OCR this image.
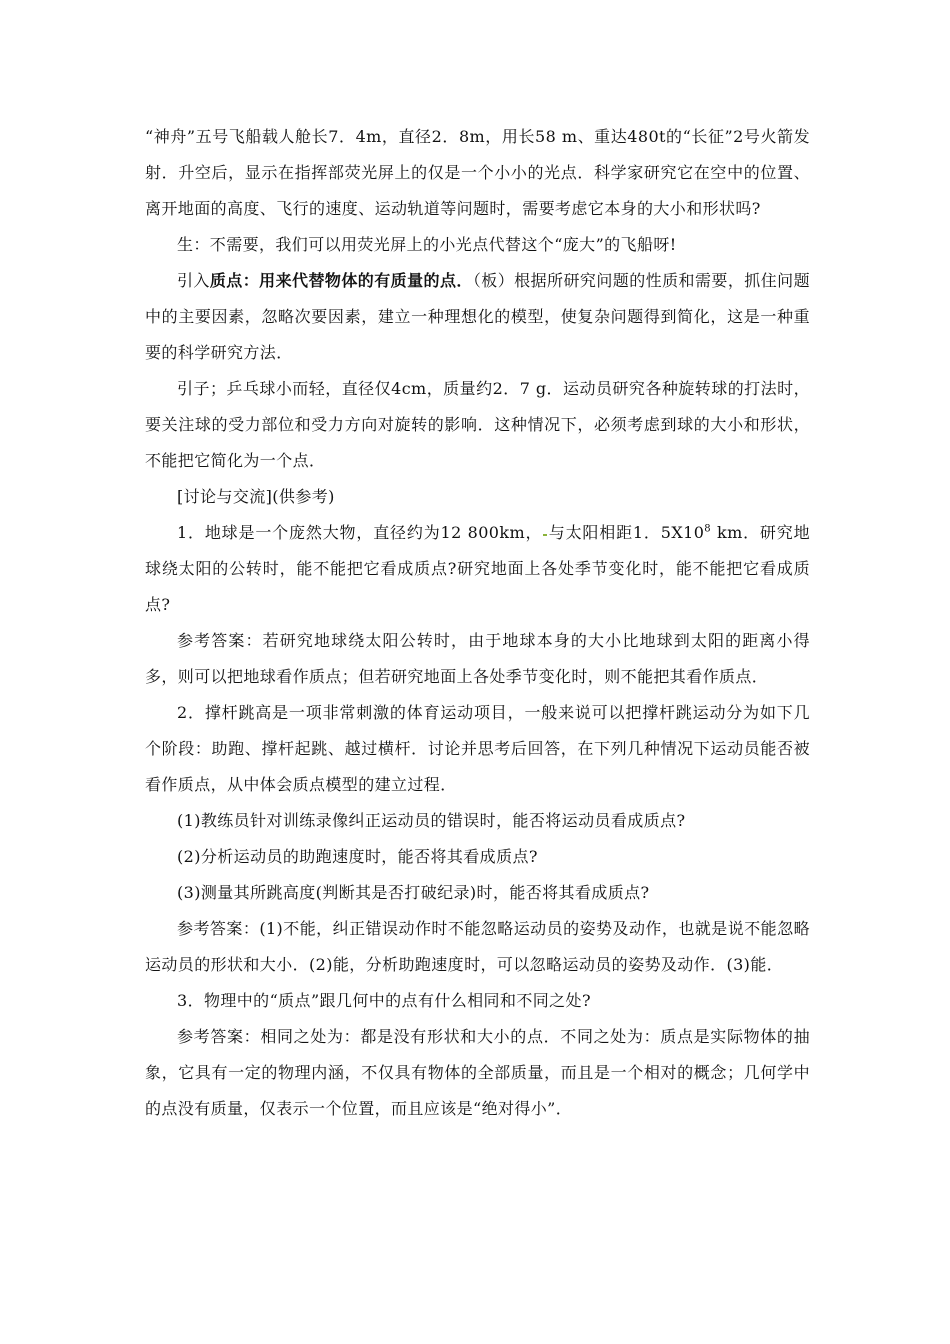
“神舟”五号飞船载人舱长7．4m，直径2．8m，用长58 m、重达480t的“长征”2号火箭发射．升空后，显示在指挥部荧光屏上的仅是一个小小的光点．科学家研究它在空中的位置、离开地面的高度、飞行的速度、运动轨道等问题时，需要考虑它本身的大小和形状吗?

生：不需要，我们可以用荧光屏上的小光点代替这个“庞大”的飞船呀!

引入质点：用来代替物体的有质量的点．（板）根据所研究问题的性质和需要，抓住问题中的主要因素，忽略次要因素，建立一种理想化的模型，使复杂问题得到简化，这是一种重要的科学研究方法．

引子；乒乓球小而轻，直径仅4cm，质量约2．7 g．运动员研究各种旋转球的打法时，要关注球的受力部位和受力方向对旋转的影响．这种情况下，必须考虑到球的大小和形状，不能把它简化为一个点．

[讨论与交流](供参考)

1．地球是一个庞然大物，直径约为12 800km， 与太阳相距1．$5X10^8$ km．研究地球绕太阳的公转时，能不能把它看成质点?研究地面上各处季节变化时，能不能把它看成质点?

参考答案：若研究地球绕太阳公转时，由于地球本身的大小比地球到太阳的距离小得多，则可以把地球看作质点；但若研究地面上各处季节变化时，则不能把其看作质点．

2．撑杆跳高是一项非常刺激的体育运动项目，一般来说可以把撑杆跳运动分为如下几个阶段：助跑、撑杆起跳、越过横杆．讨论并思考后回答，在下列几种情况下运动员能否被看作质点，从中体会质点模型的建立过程．

(1)教练员针对训练录像纠正运动员的错误时，能否将运动员看成质点?

(2)分析运动员的助跑速度时，能否将其看成质点?

(3)测量其所跳高度(判断其是否打破纪录)时，能否将其看成质点?

参考答案：(1)不能，纠正错误动作时不能忽略运动员的姿势及动作，也就是说不能忽略运动员的形状和大小．(2)能，分析助跑速度时，可以忽略运动员的姿势及动作．(3)能．

3．物理中的“质点”跟几何中的点有什么相同和不同之处?

参考答案：相同之处为：都是没有形状和大小的点．不同之处为：质点是实际物体的抽象，它具有一定的物理内涵，不仅具有物体的全部质量，而且是一个相对的概念；几何学中的点没有质量，仅表示一个位置，而且应该是“绝对得小”．
